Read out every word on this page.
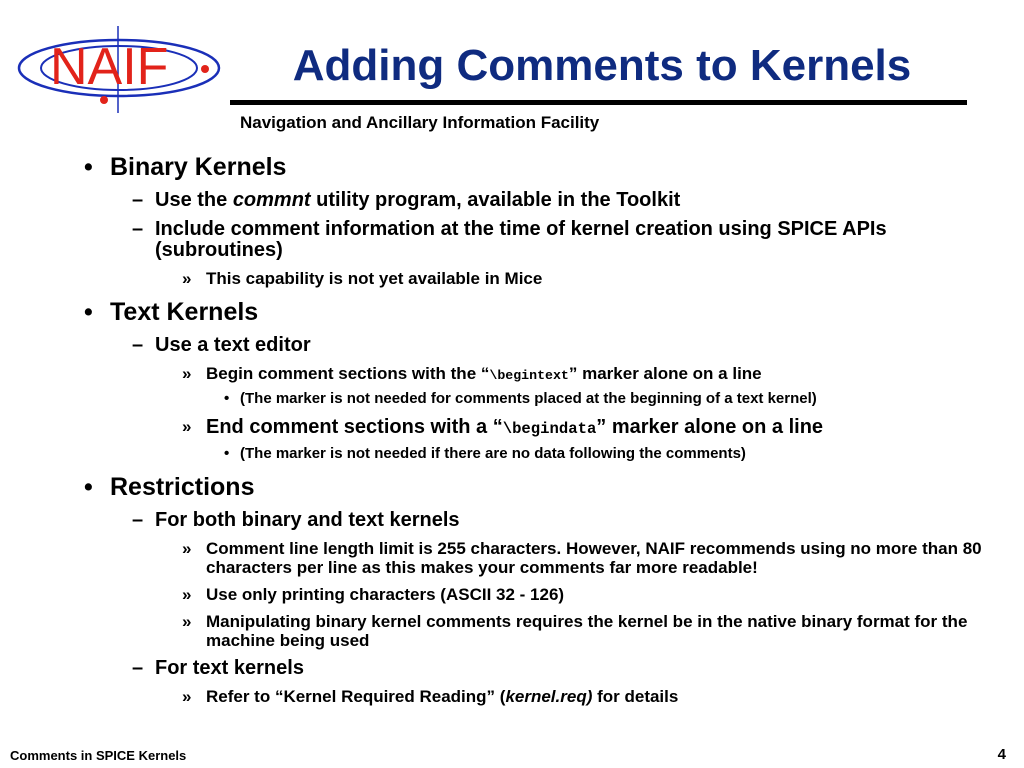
NAIF	Adding Comments to Kernels
Navigation and Ancillary Information Facility
• Binary Kernels
– Use the commnt utility program, available in the Toolkit
– Include comment information at the time of kernel creation using SPICE APIs (subroutines)
» This capability is not yet available in Mice
• Text Kernels
– Use a text editor
» Begin comment sections with the “\begintext” marker alone on a line
• (The marker is not needed for comments placed at the beginning of a text kernel)
» End comment sections with a “\begindata” marker alone on a line
• (The marker is not needed if there are no data following the comments)
• Restrictions
– For both binary and text kernels
» Comment line length limit is 255 characters. However, NAIF recommends using no more than 80 characters per line as this makes your comments far more readable!
» Use only printing characters (ASCII 32 - 126)
» Manipulating binary kernel comments requires the kernel be in the native binary format for the machine being used
– For text kernels
» Refer to “Kernel Required Reading” (kernel.req) for details
Comments in SPICE Kernels	4
